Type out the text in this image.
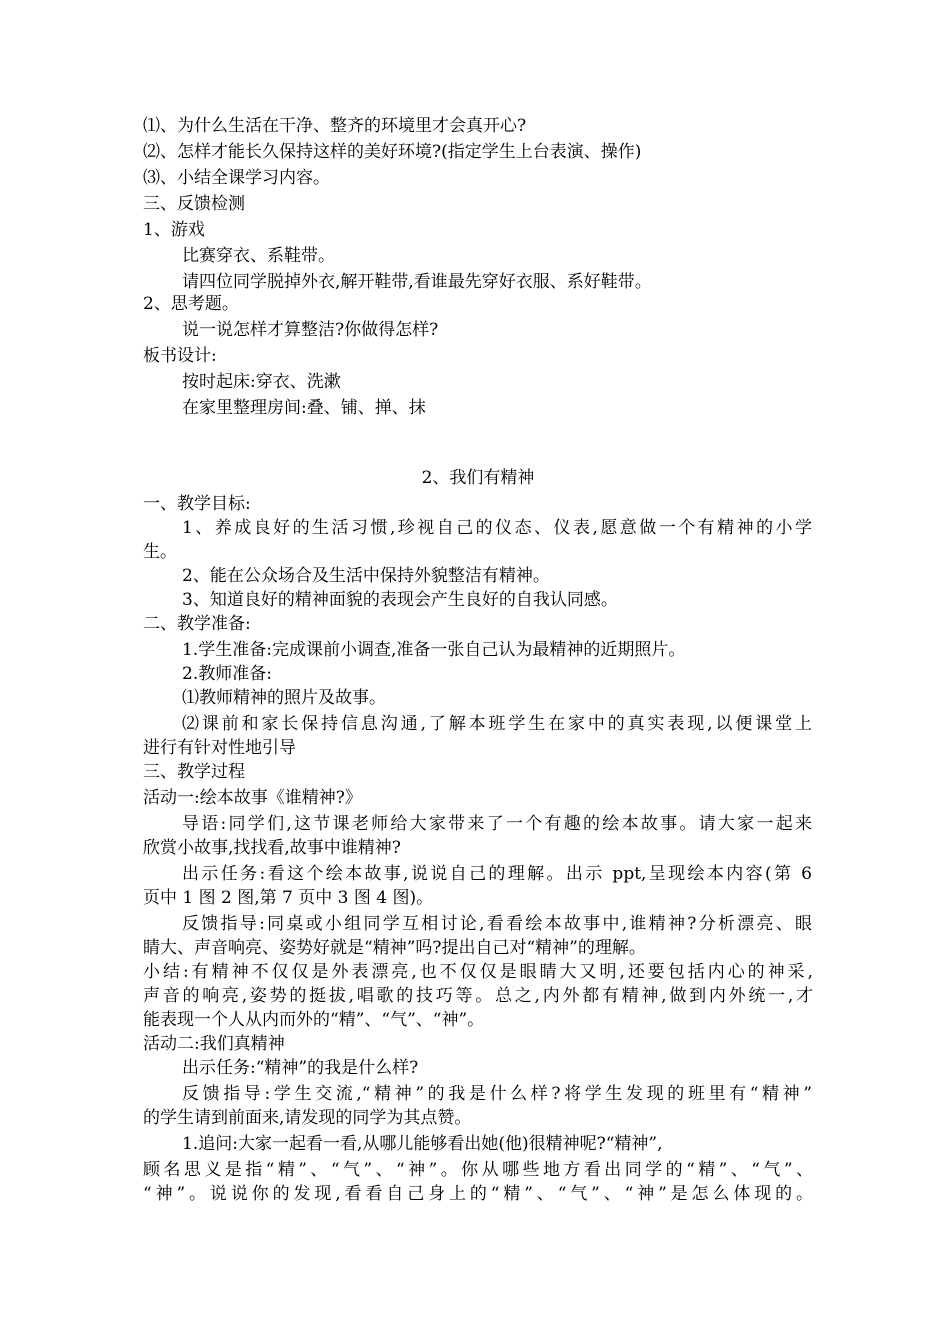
⑴、为什么生活在干净、整齐的环境里才会真开心?
⑵、怎样才能长久保持这样的美好环境?(指定学生上台表演、操作)
⑶、小结全课学习内容。
三、反馈检测
1、游戏
比赛穿衣、系鞋带。
请四位同学脱掉外衣,解开鞋带,看谁最先穿好衣服、系好鞋带。
2、思考题。
说一说怎样才算整洁?你做得怎样?
板书设计:
按时起床:穿衣、洗漱
在家里整理房间:叠、铺、掸、抹
2、我们有精神
一、教学目标:
1、养成良好的生活习惯,珍视自己的仪态、仪表,愿意做一个有精神的小学
生。
2、能在公众场合及生活中保持外貌整洁有精神。
3、知道良好的精神面貌的表现会产生良好的自我认同感。
二、教学准备:
1.学生准备:完成课前小调查,准备一张自己认为最精神的近期照片。
2.教师准备:
⑴教师精神的照片及故事。
⑵课前和家长保持信息沟通,了解本班学生在家中的真实表现,以便课堂上
进行有针对性地引导
三、教学过程
活动一:绘本故事《谁精神?》
导语:同学们,这节课老师给大家带来了一个有趣的绘本故事。请大家一起来
欣赏小故事,找找看,故事中谁精神?
出示任务:看这个绘本故事,说说自己的理解。出示 ppt,呈现绘本内容(第 6
页中 1 图 2 图,第 7 页中 3 图 4 图)。
反馈指导:同桌或小组同学互相讨论,看看绘本故事中,谁精神?分析漂亮、眼
睛大、声音响亮、姿势好就是“精神”吗?提出自己对“精神”的理解。
小结:有精神不仅仅是外表漂亮,也不仅仅是眼睛大又明,还要包括内心的神采,
声音的响亮,姿势的挺拔,唱歌的技巧等。总之,内外都有精神,做到内外统一,才
能表现一个人从内而外的“精”、“气”、“神”。
活动二:我们真精神
出示任务:“精神”的我是什么样?
反馈指导:学生交流,“精神”的我是什么样?将学生发现的班里有“精神”
的学生请到前面来,请发现的同学为其点赞。
1.追问:大家一起看一看,从哪儿能够看出她(他)很精神呢?“精神”,
顾名思义是指“精”、“气”、“神”。你从哪些地方看出同学的“精”、“气”、
“神”。说说你的发现,看看自己身上的“精”、“气”、“神”是怎么体现的。
